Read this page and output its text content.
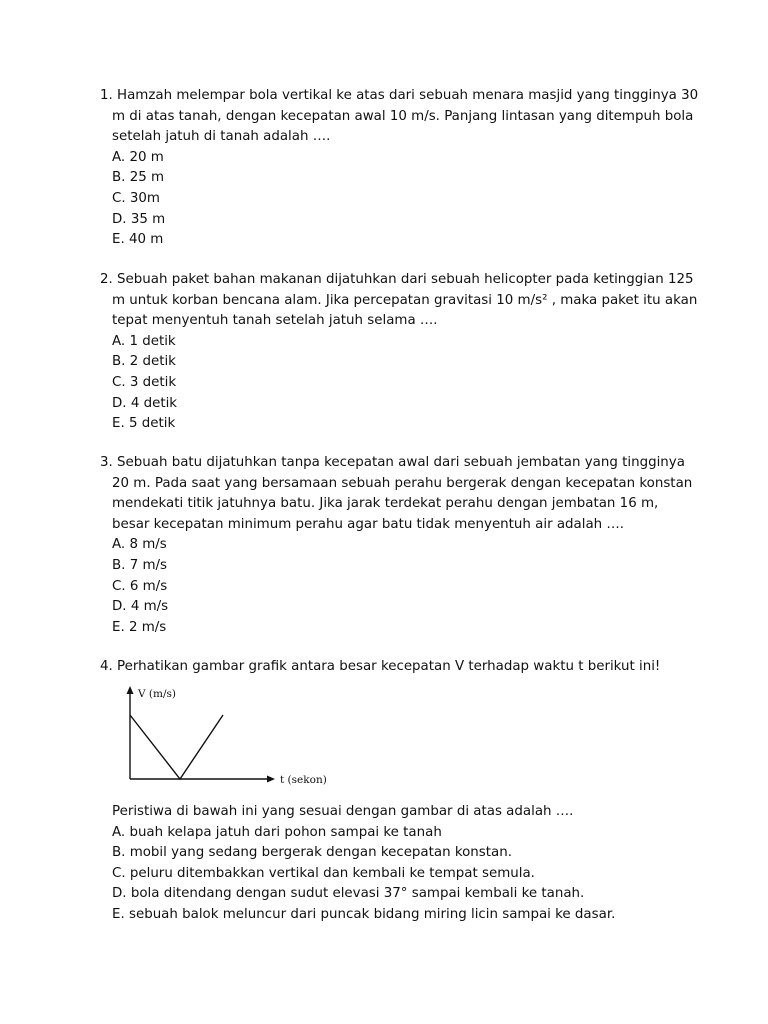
1. Hamzah melempar bola vertikal ke atas dari sebuah menara masjid yang tingginya 30
m di atas tanah, dengan kecepatan awal 10 m/s. Panjang lintasan yang ditempuh bola
setelah jatuh di tanah adalah ….
A. 20 m
B. 25 m
C. 30m
D. 35 m
E. 40 m
2. Sebuah paket bahan makanan dijatuhkan dari sebuah helicopter pada ketinggian 125
m untuk korban bencana alam. Jika percepatan gravitasi 10 m/s² , maka paket itu akan
tepat menyentuh tanah setelah jatuh selama ….
A. 1 detik
B. 2 detik
C. 3 detik
D. 4 detik
E. 5 detik
3. Sebuah batu dijatuhkan tanpa kecepatan awal dari sebuah jembatan yang tingginya
20 m. Pada saat yang bersamaan sebuah perahu bergerak dengan kecepatan konstan
mendekati titik jatuhnya batu. Jika jarak terdekat perahu dengan jembatan 16 m,
besar kecepatan minimum perahu agar batu tidak menyentuh air adalah ….
A. 8 m/s
B. 7 m/s
C. 6 m/s
D. 4 m/s
E. 2 m/s
4. Perhatikan gambar grafik antara besar kecepatan V terhadap waktu t berikut ini!
V (m/s)
t (sekon)
Peristiwa di bawah ini yang sesuai dengan gambar di atas adalah ….
A. buah kelapa jatuh dari pohon sampai ke tanah
B. mobil yang sedang bergerak dengan kecepatan konstan.
C. peluru ditembakkan vertikal dan kembali ke tempat semula.
D. bola ditendang dengan sudut elevasi 37° sampai kembali ke tanah.
E. sebuah balok meluncur dari puncak bidang miring licin sampai ke dasar.
